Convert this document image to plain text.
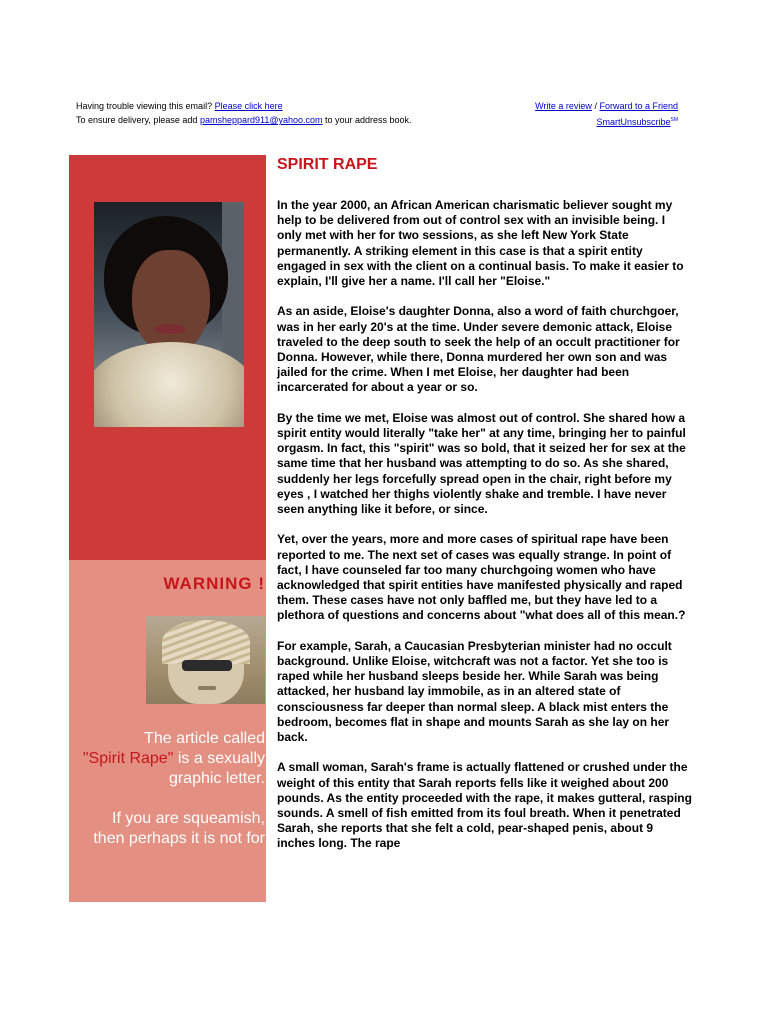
Having trouble viewing this email? Please click here
To ensure delivery, please add pamsheppard911@yahoo.com to your address book.
Write a review / Forward to a Friend
SmartUnsubscribe℠
WARNING !

The article called
"Spirit Rape" is a sexually graphic letter.

If you are squeamish, then perhaps it is not for

SPIRIT RAPE

In the year 2000, an African American charismatic believer sought my help to be delivered from out of control sex with an invisible being. I only met with her for two sessions, as she left New York State permanently. A striking element in this case is that a spirit entity engaged in sex with the client on a continual basis. To make it easier to explain, I'll give her a name. I'll call her "Eloise."

As an aside, Eloise's daughter Donna, also a word of faith churchgoer, was in her early 20's at the time. Under severe demonic attack, Eloise traveled to the deep south to seek the help of an occult practitioner for Donna. However, while there, Donna murdered her own son and was jailed for the crime. When I met Eloise, her daughter had been incarcerated for about a year or so.

By the time we met, Eloise was almost out of control. She shared how a spirit entity would literally "take her" at any time, bringing her to painful orgasm. In fact, this "spirit" was so bold, that it seized her for sex at the same time that her husband was attempting to do so. As she shared, suddenly her legs forcefully spread open in the chair, right before my eyes , I watched her thighs violently shake and tremble. I have never seen anything like it before, or since.

Yet, over the years, more and more cases of spiritual rape have been reported to me. The next set of cases was equally strange. In point of fact, I have counseled far too many churchgoing women who have acknowledged that spirit entities have manifested physically and raped them. These cases have not only baffled me, but they have led to a plethora of questions and concerns about "what does all of this mean.?

For example, Sarah, a Caucasian Presbyterian minister had no occult background. Unlike Eloise, witchcraft was not a factor. Yet she too is raped while her husband sleeps beside her. While Sarah was being attacked, her husband lay immobile, as in an altered state of consciousness far deeper than normal sleep. A black mist enters the bedroom, becomes flat in shape and mounts Sarah as she lay on her back.

A small woman, Sarah's frame is actually flattened or crushed under the weight of this entity that Sarah reports fells like it weighed about 200 pounds. As the entity proceeded with the rape, it makes gutteral, rasping sounds. A smell of fish emitted from its foul breath. When it penetrated Sarah, she reports that she felt a cold, pear-shaped penis, about 9 inches long. The rape
